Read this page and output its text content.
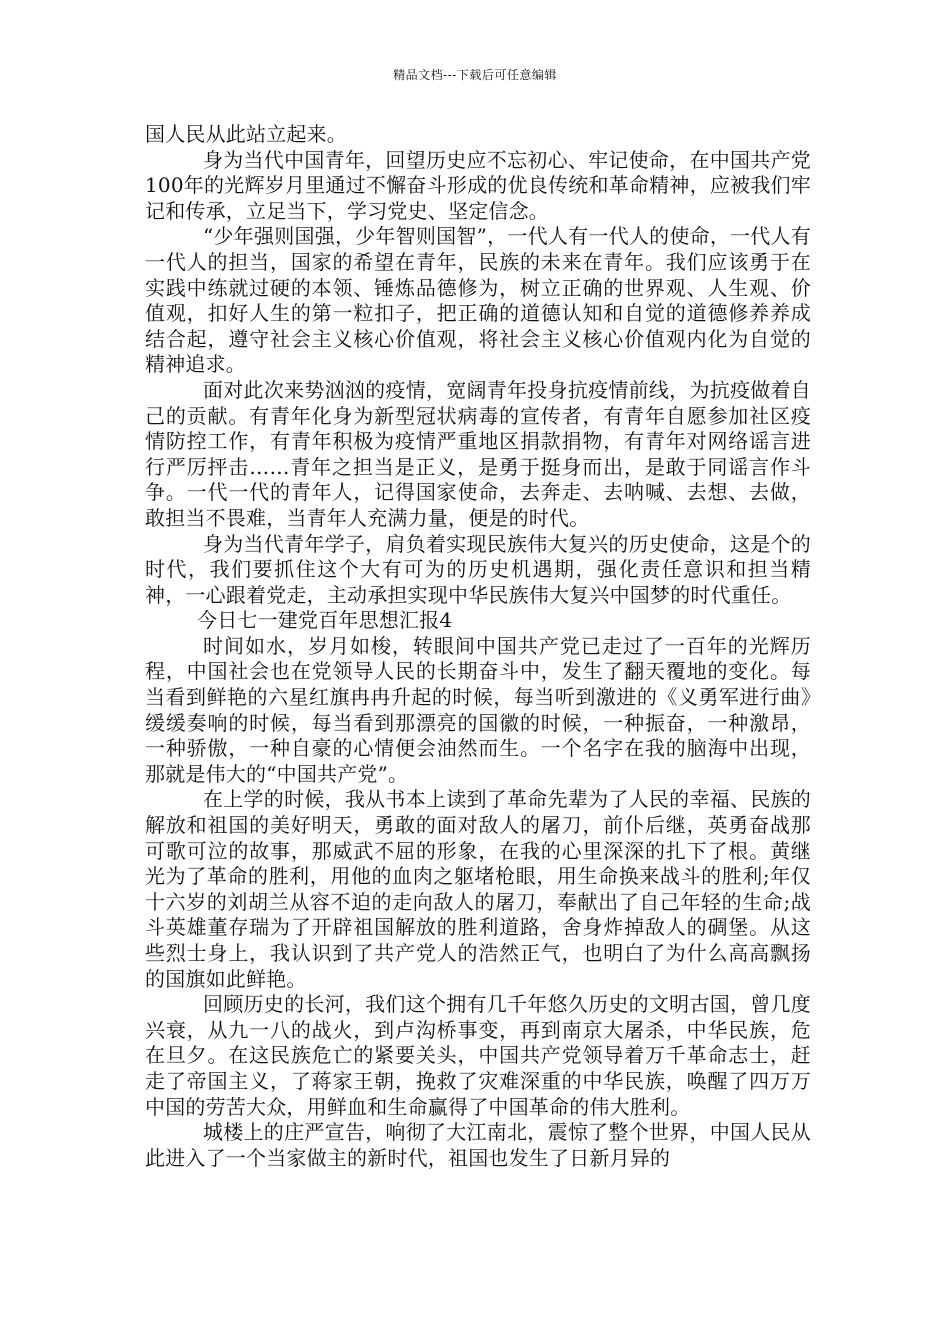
精品文档---下载后可任意编辑

国人民从此站立起来。

身为当代中国青年，回望历史应不忘初心、牢记使命，在中国共产党100年的光辉岁月里通过不懈奋斗形成的优良传统和革命精神，应被我们牢记和传承，立足当下，学习党史、坚定信念。

“少年强则国强，少年智则国智”，一代人有一代人的使命，一代人有一代人的担当，国家的希望在青年，民族的未来在青年。我们应该勇于在实践中练就过硬的本领、锤炼品德修为，树立正确的世界观、人生观、价值观，扣好人生的第一粒扣子，把正确的道德认知和自觉的道德修养养成结合起，遵守社会主义核心价值观，将社会主义核心价值观内化为自觉的精神追求。

面对此次来势汹汹的疫情，宽阔青年投身抗疫情前线，为抗疫做着自己的贡献。有青年化身为新型冠状病毒的宣传者，有青年自愿参加社区疫情防控工作，有青年积极为疫情严重地区捐款捐物，有青年对网络谣言进行严厉抨击……青年之担当是正义，是勇于挺身而出，是敢于同谣言作斗争。一代一代的青年人，记得国家使命，去奔走、去呐喊、去想、去做，敢担当不畏难，当青年人充满力量，便是的时代。

身为当代青年学子，肩负着实现民族伟大复兴的历史使命，这是个的时代，我们要抓住这个大有可为的历史机遇期，强化责任意识和担当精神，一心跟着党走，主动承担实现中华民族伟大复兴中国梦的时代重任。

今日七一建党百年思想汇报4

时间如水，岁月如梭，转眼间中国共产党已走过了一百年的光辉历程，中国社会也在党领导人民的长期奋斗中，发生了翻天覆地的变化。每当看到鲜艳的六星红旗冉冉升起的时候，每当听到激进的《义勇军进行曲》缓缓奏响的时候，每当看到那漂亮的国徽的时候，一种振奋，一种激昂，一种骄傲，一种自豪的心情便会油然而生。一个名字在我的脑海中出现，那就是伟大的“中国共产党”。

在上学的时候，我从书本上读到了革命先辈为了人民的幸福、民族的解放和祖国的美好明天，勇敢的面对敌人的屠刀，前仆后继，英勇奋战那可歌可泣的故事，那威武不屈的形象，在我的心里深深的扎下了根。黄继光为了革命的胜利，用他的血肉之躯堵枪眼，用生命换来战斗的胜利;年仅十六岁的刘胡兰从容不迫的走向敌人的屠刀，奉献出了自己年轻的生命;战斗英雄董存瑞为了开辟祖国解放的胜利道路，舍身炸掉敌人的碉堡。从这些烈士身上，我认识到了共产党人的浩然正气，也明白了为什么高高飘扬的国旗如此鲜艳。

回顾历史的长河，我们这个拥有几千年悠久历史的文明古国，曾几度兴衰，从九一八的战火，到卢沟桥事变，再到南京大屠杀，中华民族，危在旦夕。在这民族危亡的紧要关头，中国共产党领导着万千革命志士，赶走了帝国主义，了蒋家王朝，挽救了灾难深重的中华民族，唤醒了四万万中国的劳苦大众，用鲜血和生命赢得了中国革命的伟大胜利。

城楼上的庄严宣告，响彻了大江南北，震惊了整个世界，中国人民从此进入了一个当家做主的新时代，祖国也发生了日新月异的
